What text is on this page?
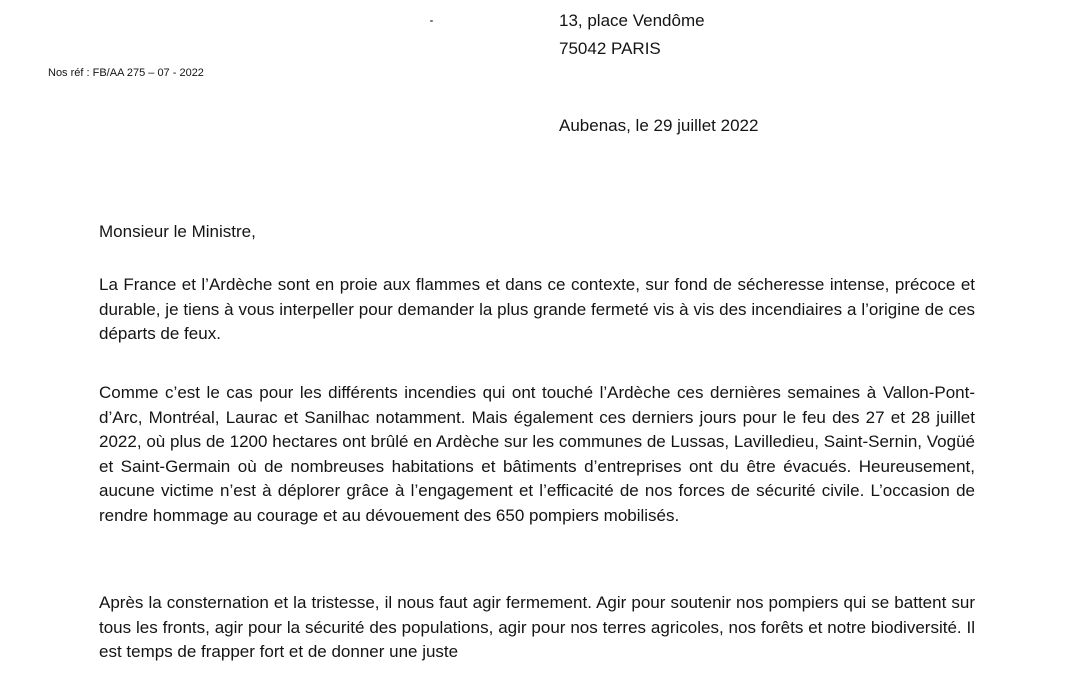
13, place Vendôme
75042 PARIS
Nos réf : FB/AA 275 – 07 - 2022
Aubenas, le 29 juillet 2022
Monsieur le Ministre,

La France et l’Ardèche sont en proie aux flammes et dans ce contexte, sur fond de sécheresse intense, précoce et durable, je tiens à vous interpeller pour demander la plus grande fermeté vis à vis des incendiaires a l’origine de ces départs de feux.

Comme c’est le cas pour les différents incendies qui ont touché l’Ardèche ces dernières semaines à Vallon-Pont-d’Arc, Montréal, Laurac et Sanilhac notamment. Mais également ces derniers jours pour le feu des 27 et 28 juillet 2022, où plus de 1200 hectares ont brûlé en Ardèche sur les communes de Lussas, Lavilledieu, Saint-Sernin, Vogüé et Saint-Germain où de nombreuses habitations et bâtiments d’entreprises ont du être évacués. Heureusement, aucune victime n’est à déplorer grâce à l’engagement et l’efficacité de nos forces de sécurité civile. L’occasion de rendre hommage au courage et au dévouement des 650 pompiers mobilisés.

Après la consternation et la tristesse, il nous faut agir fermement. Agir pour soutenir nos pompiers qui se battent sur tous les fronts, agir pour la sécurité des populations, agir pour nos terres agricoles, nos forêts et notre biodiversité. Il est temps de frapper fort et de donner une juste
